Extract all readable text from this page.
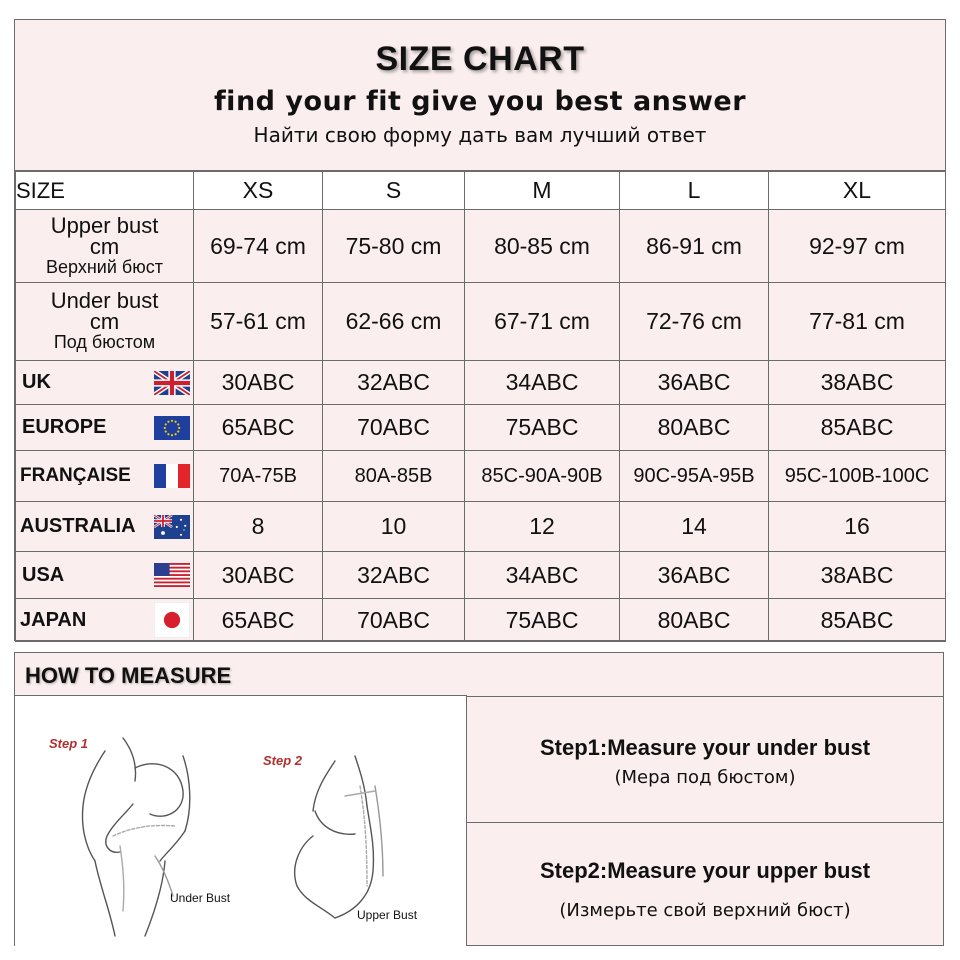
SIZE CHART
find your fit give you best answer
Найти свою форму дать вам лучший ответ
SIZE	XS	S	M	L	XL

Upper bust
cm
Верхний бюст	69-74 cm	75-80 cm	80-85 cm	86-91 cm	92-97 cm

Under bust
cm
Под бюстом	57-61 cm	62-66 cm	67-71 cm	72-76 cm	77-81 cm

UK	30ABC	32ABC	34ABC	36ABC	38ABC

EUROPE	65ABC	70ABC	75ABC	80ABC	85ABC

FRANÇAISE	70A-75B	80A-85B	85C-90A-90B	90C-95A-95B	95C-100B-100C

AUSTRALIA	8	10	12	14	16

USA	30ABC	32ABC	34ABC	36ABC	38ABC

JAPAN	65ABC	70ABC	75ABC	80ABC	85ABC
HOW TO MEASURE
Step 1
Under Bust
Step 2
Upper Bust
Step1:Measure your under bust
(Мера под бюстом)
Step2:Measure your upper bust
(Измерьте свой верхний бюст)
